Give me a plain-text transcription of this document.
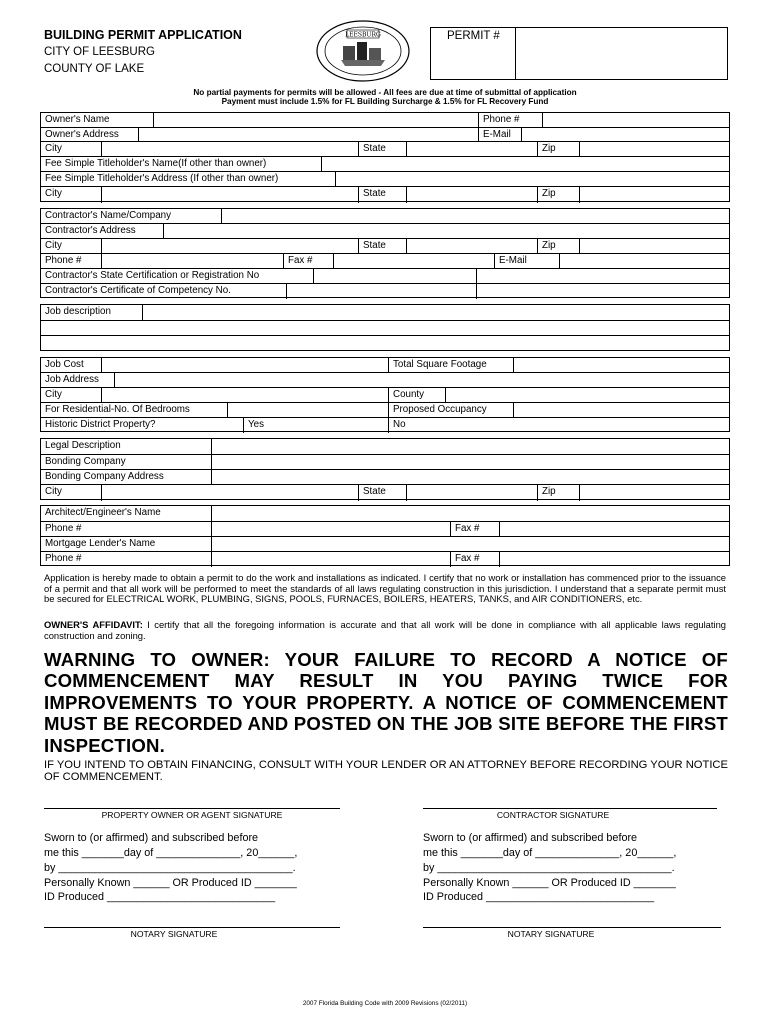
BUILDING PERMIT APPLICATION
CITY OF LEESBURG
COUNTY OF LAKE
LEESBURG	PERMIT #
No partial payments for permits will be allowed - All fees are due at time of submittal of application
Payment must include 1.5% for FL Building Surcharge & 1.5% for FL Recovery Fund
Owner's Name	Phone #
Owner's Address	E-Mail
City	State	Zip
Fee Simple Titleholder's Name(If other than owner)
Fee Simple Titleholder's Address (If other than owner)
City	State	Zip
Contractor's Name/Company
Contractor's Address
City	State	Zip
Phone #	Fax #	E-Mail
Contractor's State Certification or Registration No
Contractor's Certificate of Competency No.
Job description
Job Cost	Total Square Footage
Job Address
City	County
For Residential-No. Of Bedrooms	Proposed Occupancy
Historic District Property?	Yes	No
Legal Description
Bonding Company
Bonding Company Address
City	State	Zip
Architect/Engineer's Name
Phone #	Fax #
Mortgage Lender's Name
Phone #	Fax #
Application is hereby made to obtain a permit to do the work and installations as indicated. I certify that no work or installation has commenced prior to the issuance of a permit and that all work will be performed to meet the standards of all laws regulating construction in this jurisdiction. I understand that a separate permit must be secured for ELECTRICAL WORK, PLUMBING, SIGNS, POOLS, FURNACES, BOILERS, HEATERS, TANKS, and AIR CONDITIONERS, etc.
OWNER'S AFFIDAVIT: I certify that all the foregoing information is accurate and that all work will be done in compliance with all applicable laws regulating construction and zoning.
WARNING TO OWNER: YOUR FAILURE TO RECORD A NOTICE OF COMMENCEMENT MAY RESULT IN YOU PAYING TWICE FOR IMPROVEMENTS TO YOUR PROPERTY. A NOTICE OF COMMENCEMENT MUST BE RECORDED AND POSTED ON THE JOB SITE BEFORE THE FIRST INSPECTION.
IF YOU INTEND TO OBTAIN FINANCING, CONSULT WITH YOUR LENDER OR AN ATTORNEY BEFORE RECORDING YOUR NOTICE OF COMMENCEMENT.
PROPERTY OWNER OR AGENT SIGNATURE
Sworn to (or affirmed) and subscribed before
me this _______day of ______________, 20______,
by _______________________________________.
Personally Known ______ OR Produced ID _______
ID Produced ____________________________
NOTARY SIGNATURE
CONTRACTOR SIGNATURE
Sworn to (or affirmed) and subscribed before
me this _______day of ______________, 20______,
by _______________________________________.
Personally Known ______ OR Produced ID _______
ID Produced ____________________________
NOTARY SIGNATURE
2007 Florida Building Code with 2009 Revisions (02/2011)
